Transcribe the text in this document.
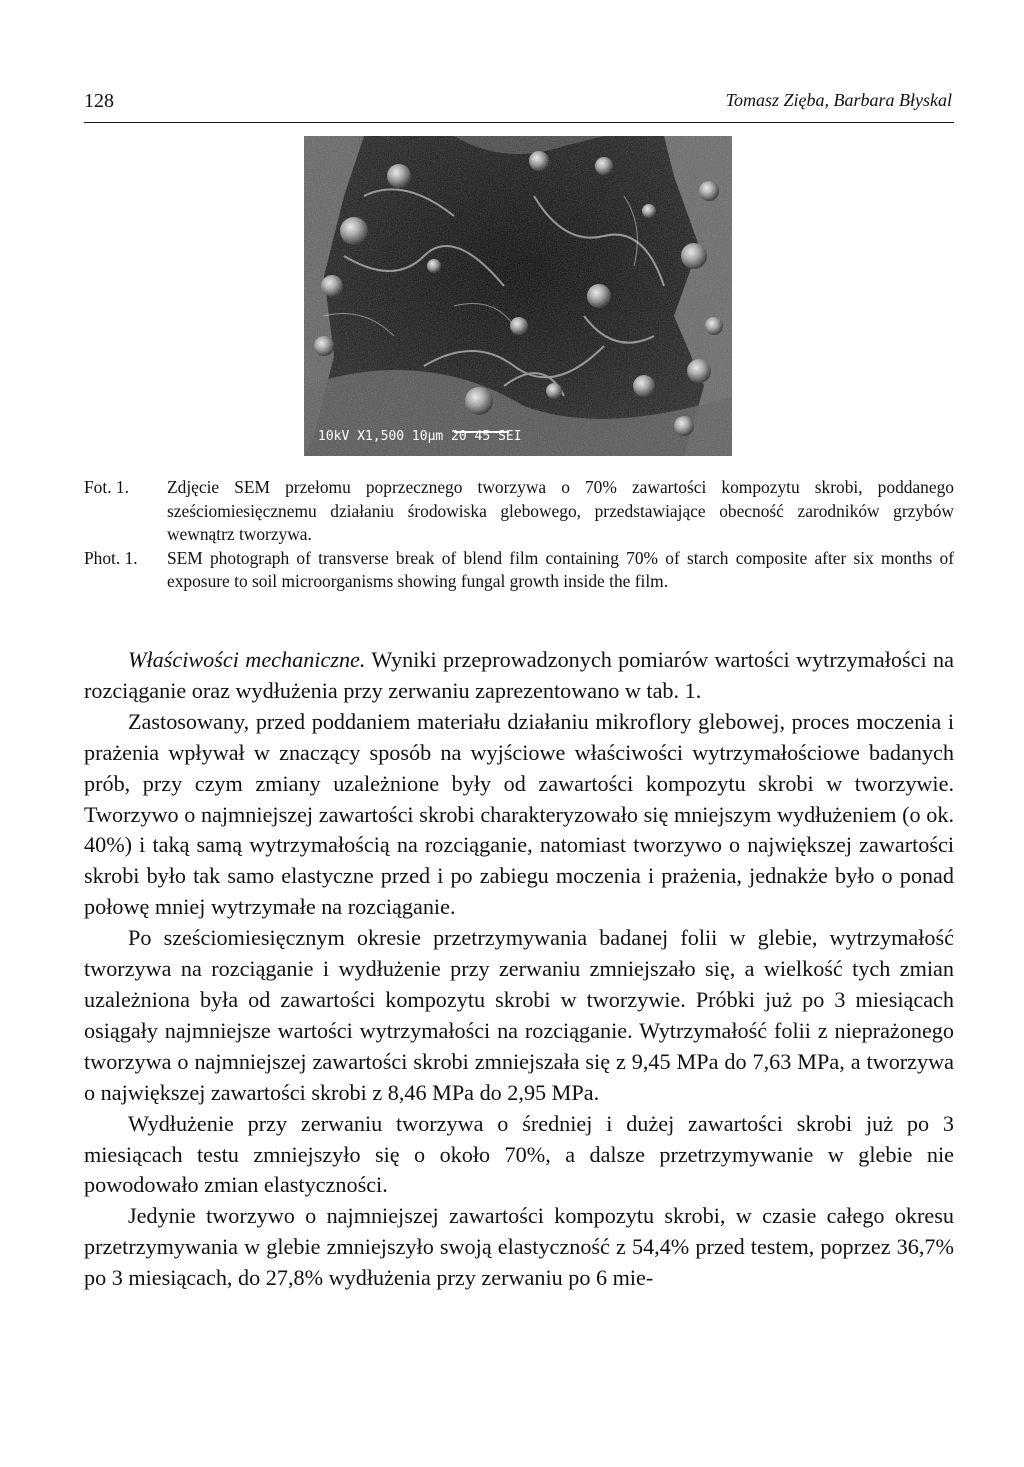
128	Tomasz Zięba, Barbara Błyskal
10kV X1,500 10µm 20 45 SEI
Fot. 1.	Zdjęcie SEM przełomu poprzecznego tworzywa o 70% zawartości kompozytu skrobi, poddanego sześciomiesięcznemu działaniu środowiska glebowego, przedstawiające obecność zarodników grzybów wewnątrz tworzywa.
Phot. 1.	SEM photograph of transverse break of blend film containing 70% of starch composite after six months of exposure to soil microorganisms showing fungal growth inside the film.

Właściwości mechaniczne. Wyniki przeprowadzonych pomiarów wartości wytrzymałości na rozciąganie oraz wydłużenia przy zerwaniu zaprezentowano w tab. 1.

Zastosowany, przed poddaniem materiału działaniu mikroflory glebowej, proces moczenia i prażenia wpływał w znaczący sposób na wyjściowe właściwości wytrzymałościowe badanych prób, przy czym zmiany uzależnione były od zawartości kompozytu skrobi w tworzywie. Tworzywo o najmniejszej zawartości skrobi charakteryzowało się mniejszym wydłużeniem (o ok. 40%) i taką samą wytrzymałością na rozciąganie, natomiast tworzywo o największej zawartości skrobi było tak samo elastyczne przed i po zabiegu moczenia i prażenia, jednakże było o ponad połowę mniej wytrzymałe na rozciąganie.

Po sześciomiesięcznym okresie przetrzymywania badanej folii w glebie, wytrzymałość tworzywa na rozciąganie i wydłużenie przy zerwaniu zmniejszało się, a wielkość tych zmian uzależniona była od zawartości kompozytu skrobi w tworzywie. Próbki już po 3 miesiącach osiągały najmniejsze wartości wytrzymałości na rozciąganie. Wytrzymałość folii z nieprażonego tworzywa o najmniejszej zawartości skrobi zmniejszała się z 9,45 MPa do 7,63 MPa, a tworzywa o największej zawartości skrobi z 8,46 MPa do 2,95 MPa.

Wydłużenie przy zerwaniu tworzywa o średniej i dużej zawartości skrobi już po 3 miesiącach testu zmniejszyło się o około 70%, a dalsze przetrzymywanie w glebie nie powodowało zmian elastyczności.

Jedynie tworzywo o najmniejszej zawartości kompozytu skrobi, w czasie całego okresu przetrzymywania w glebie zmniejszyło swoją elastyczność z 54,4% przed testem, poprzez 36,7% po 3 miesiącach, do 27,8% wydłużenia przy zerwaniu po 6 mie-
